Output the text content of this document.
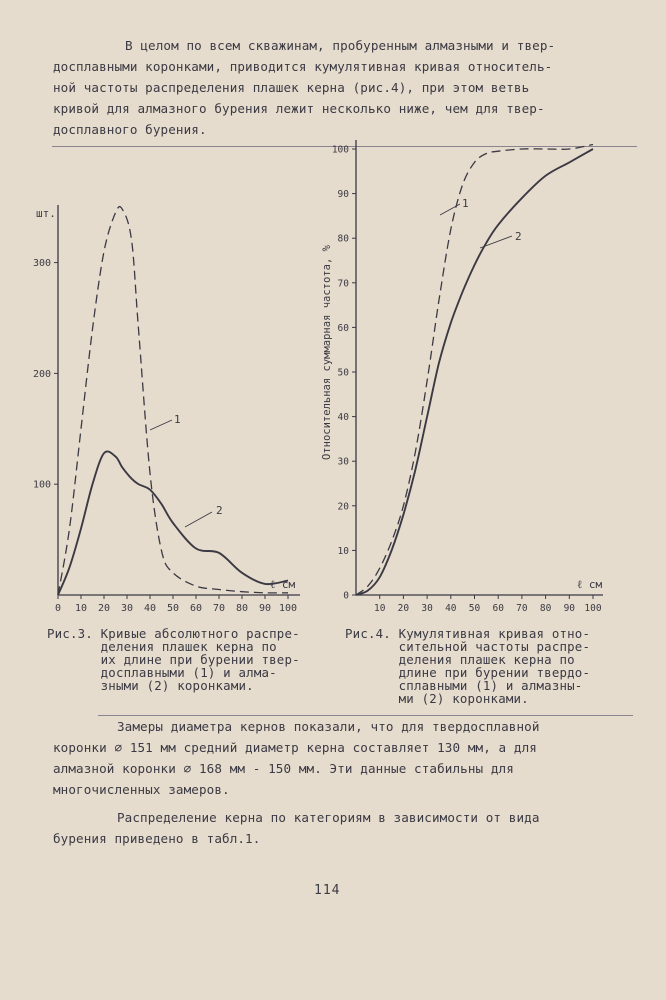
В целом по всем скважинам, пробуренным алмазными и твер-
досплавными коронками, приводится кумулятивная кривая относитель-
ной частоты распределения плашек керна (рис.4), при этом ветвь
кривой для алмазного бурения лежит несколько ниже, чем для твер-
досплавного бурения.
100
200
300
0 10 20 30 40 50 60 70 80 90 100
шт.
ℓ см
1
2
0
10
20
30
40
50
60
70
80
90
100
10 20 30 40 50 60 70 80 90 100
Относительная суммарная частота, %
ℓ см
1
2
Рис.3. Кривые абсолютного распре-
деления плашек керна по
их длине при бурении твер-
досплавными (1) и алма-
зными (2) коронками.
Рис.4. Кумулятивная кривая отно-
сительной частоты распре-
деления плашек керна по
длине при бурении твердо-
сплавными (1) и алмазны-
ми (2) коронками.
Замеры диаметра кернов показали, что для твердосплавной
коронки ∅ 151 мм средний диаметр керна составляет 130 мм, а для
алмазной коронки ∅ 168 мм - 150 мм. Эти данные стабильны для
многочисленных замеров.
Распределение керна по категориям в зависимости от вида
бурения приведено в табл.1.
114
